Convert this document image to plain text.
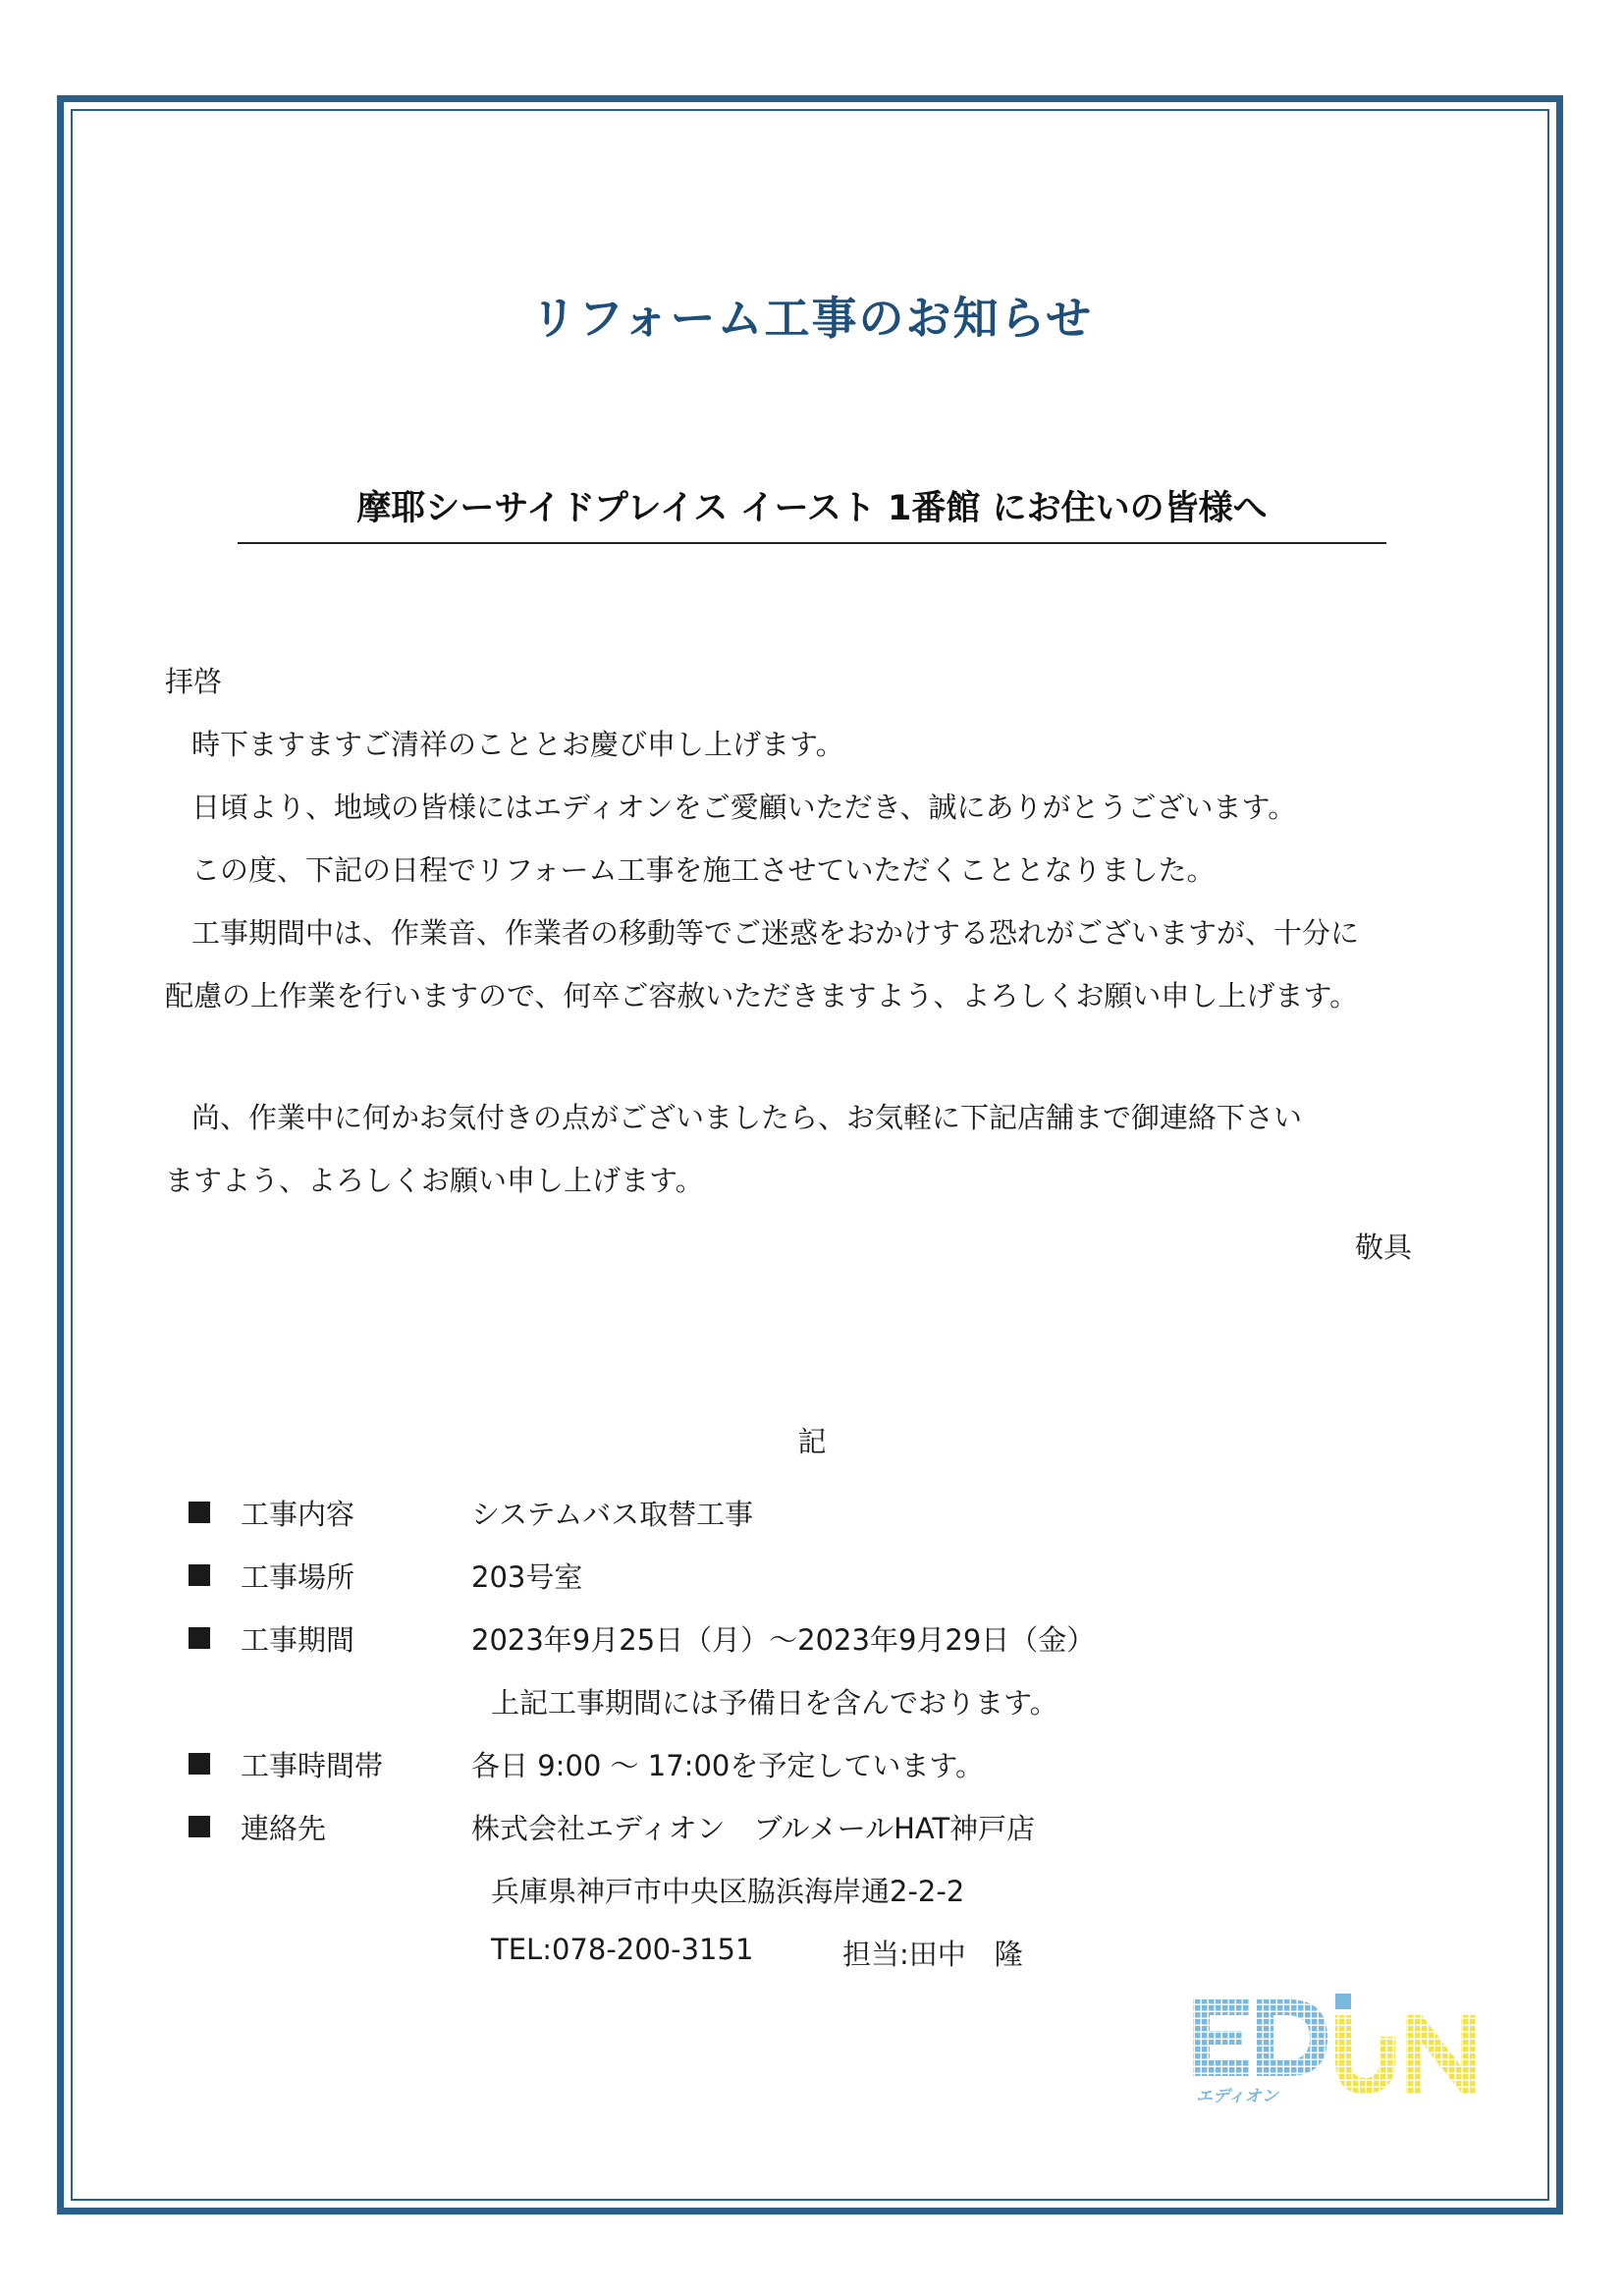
リフォーム工事のお知らせ
摩耶シーサイドプレイス イースト 1番館 にお住いの皆様へ
拝啓
時下ますますご清祥のこととお慶び申し上げます。
日頃より、地域の皆様にはエディオンをご愛顧いただき、誠にありがとうございます。
この度、下記の日程でリフォーム工事を施工させていただくこととなりました。
工事期間中は、作業音、作業者の移動等でご迷惑をおかけする恐れがございますが、十分に
配慮の上作業を行いますので、何卒ご容赦いただきますよう、よろしくお願い申し上げます。
尚、作業中に何かお気付きの点がございましたら、お気軽に下記店舗まで御連絡下さい
ますよう、よろしくお願い申し上げます。
敬具
記
工事内容	システムバス取替工事
工事場所	203号室
工事期間	2023年9月25日（月）～2023年9月29日（金）
上記工事期間には予備日を含んでおります。
工事時間帯	各日 9:00 ～ 17:00を予定しています。
連絡先	株式会社エディオン　ブルメールHAT神戸店
兵庫県神戸市中央区脇浜海岸通2-2-2
TEL:078-200-3151	担当:田中　隆
エディオン
